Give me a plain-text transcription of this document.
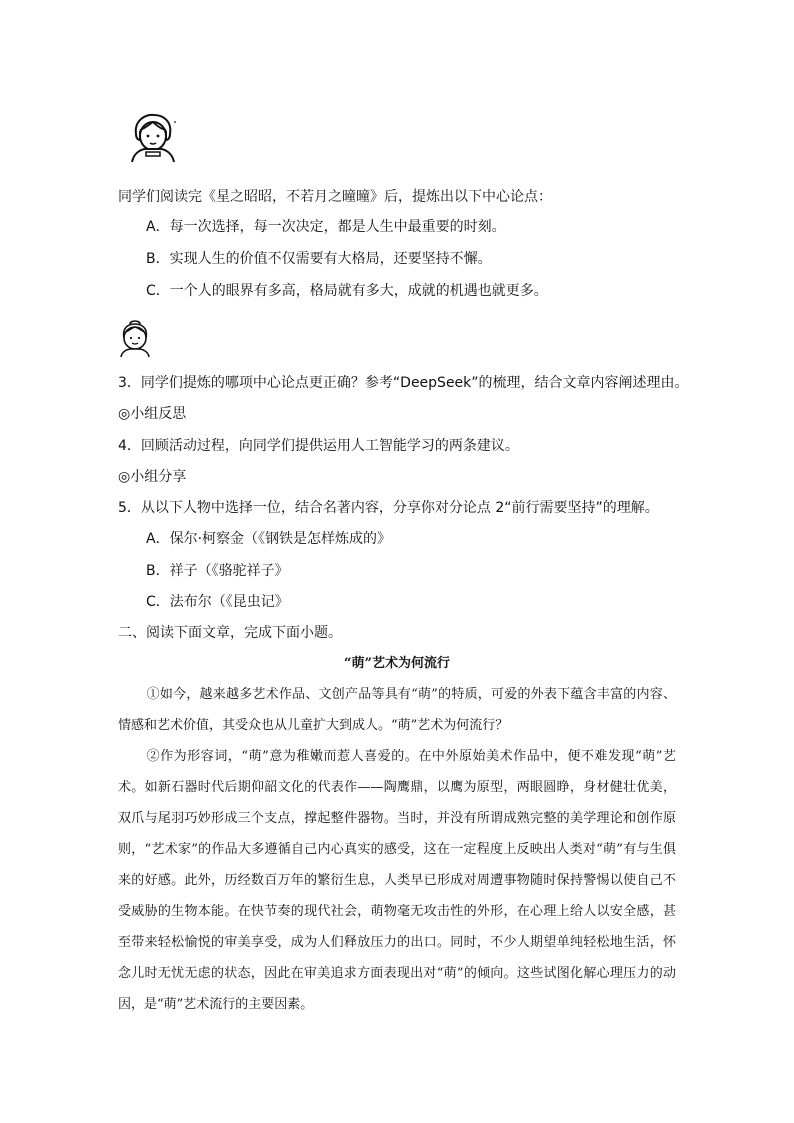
同学们阅读完《星之昭昭，不若月之曈曈》后，提炼出以下中心论点：
A．每一次选择，每一次决定，都是人生中最重要的时刻。
B．实现人生的价值不仅需要有大格局，还要坚持不懈。
C．一个人的眼界有多高，格局就有多大，成就的机遇也就更多。
3．同学们提炼的哪项中心论点更正确？参考“DeepSeek”的梳理，结合文章内容阐述理由。
◎小组反思
4．回顾活动过程，向同学们提供运用人工智能学习的两条建议。
◎小组分享
5．从以下人物中选择一位，结合名著内容，分享你对分论点 2“前行需要坚持”的理解。
A．保尔·柯察金（《钢铁是怎样炼成的》
B．祥子（《骆驼祥子》
C．法布尔（《昆虫记》
二、阅读下面文章，完成下面小题。
“萌”艺术为何流行
①如今，越来越多艺术作品、文创产品等具有“萌”的特质，可爱的外表下蕴含丰富的内容、情感和艺术价值，其受众也从儿童扩大到成人。“萌”艺术为何流行？
②作为形容词，“萌”意为稚嫩而惹人喜爱的。在中外原始美术作品中，便不难发现“萌”艺术。如新石器时代后期仰韶文化的代表作——陶鹰鼎，以鹰为原型，两眼圆睁，身材健壮优美，双爪与尾羽巧妙形成三个支点，撑起整件器物。当时，并没有所谓成熟完整的美学理论和创作原则，“艺术家”的作品大多遵循自己内心真实的感受，这在一定程度上反映出人类对“萌”有与生俱来的好感。此外，历经数百万年的繁衍生息，人类早已形成对周遭事物随时保持警惕以使自己不受威胁的生物本能。在快节奏的现代社会，萌物毫无攻击性的外形，在心理上给人以安全感，甚至带来轻松愉悦的审美享受，成为人们释放压力的出口。同时，不少人期望单纯轻松地生活，怀念儿时无忧无虑的状态，因此在审美追求方面表现出对“萌”的倾向。这些试图化解心理压力的动因，是“萌”艺术流行的主要因素。
